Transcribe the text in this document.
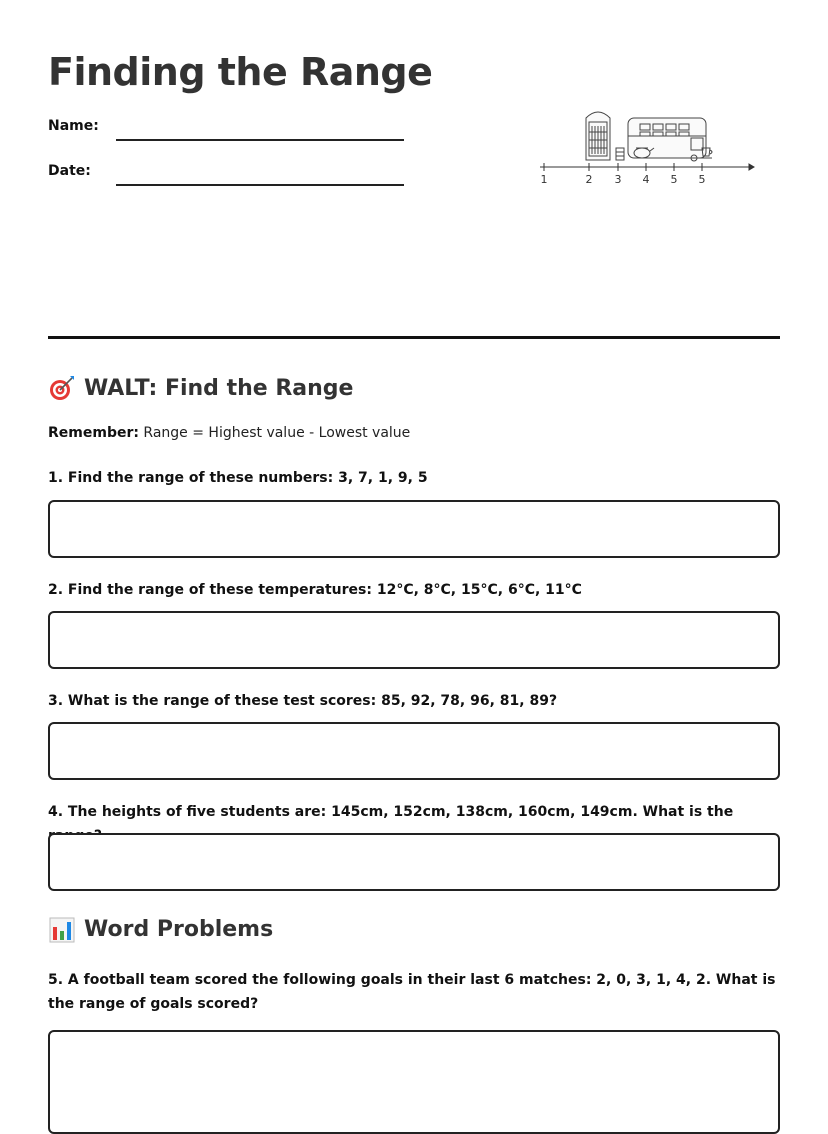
Finding the Range
Name:
Date:
1	2 3 4 5 5
WALT: Find the Range
Remember: Range = Highest value - Lowest value
1. Find the range of these numbers: 3, 7, 1, 9, 5
2. Find the range of these temperatures: 12°C, 8°C, 15°C, 6°C, 11°C
3. What is the range of these test scores: 85, 92, 78, 96, 81, 89?
4. The heights of five students are: 145cm, 152cm, 138cm, 160cm, 149cm. What is the
Word Problems
5. A football team scored the following goals in their last 6 matches: 2, 0, 3, 1, 4, 2. What is the range of goals scored?
